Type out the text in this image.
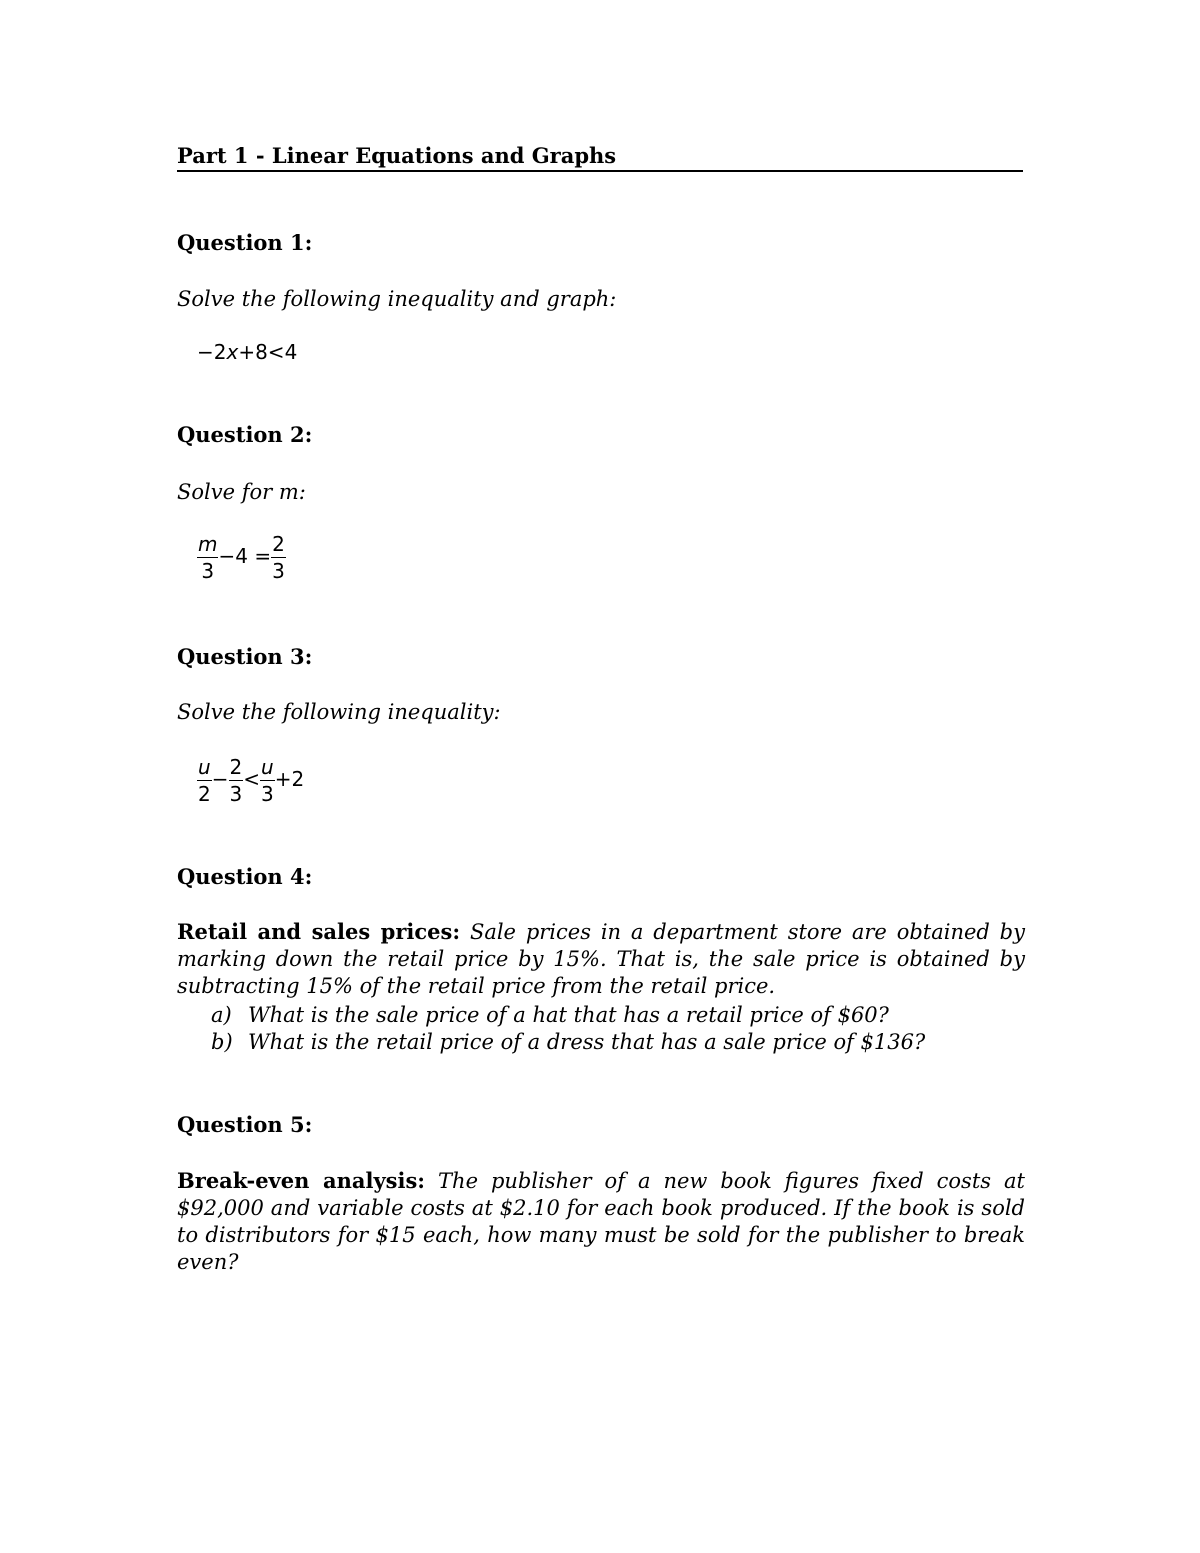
Part 1 - Linear Equations and Graphs
Question 1:
Solve the following inequality and graph:
−2x+8<4
Question 2:
Solve for m:
$\frac{m}{3} -4 = \frac{2}{3}$
Question 3:
Solve the following inequality:
$\frac{u}{2} - \frac{2}{3} < \frac{u}{3} +2$
Question 4:
Retail and sales prices: Sale prices in a department store are obtained by marking down the retail price by 15%. That is, the sale price is obtained by subtracting 15% of the retail price from the retail price.
a) What is the sale price of a hat that has a retail price of $60?
b) What is the retail price of a dress that has a sale price of $136?
Question 5:
Break-even analysis: The publisher of a new book figures fixed costs at $92,000 and variable costs at $2.10 for each book produced. If the book is sold to distributors for $15 each, how many must be sold for the publisher to break even?
